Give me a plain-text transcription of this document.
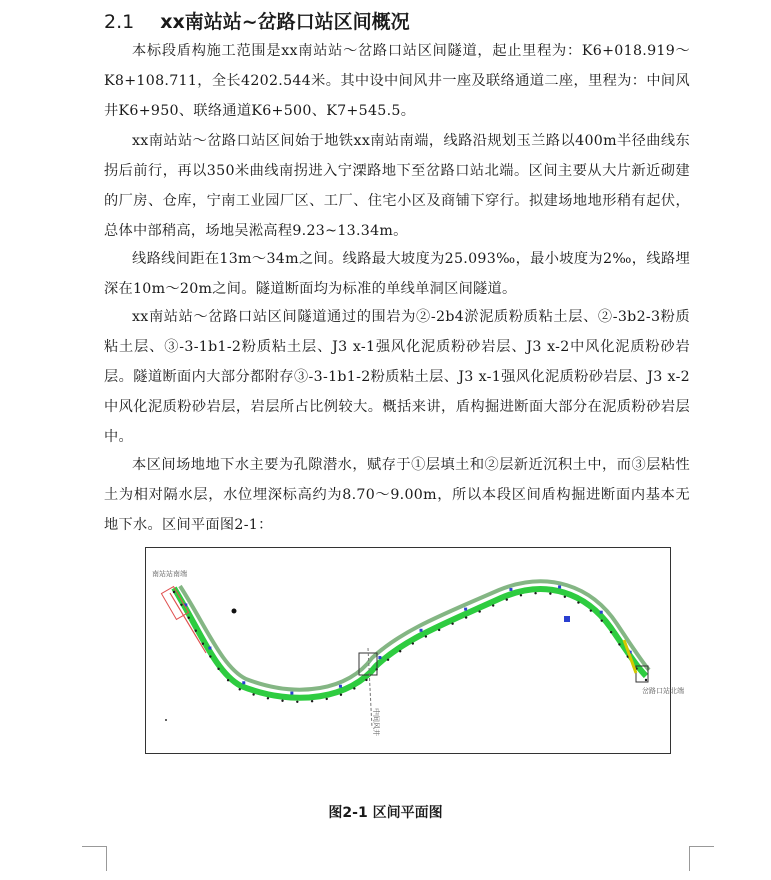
2.1 xx南站站~岔路口站区间概况

本标段盾构施工范围是xx南站站～岔路口站区间隧道，起止里程为：K6+018.919～K8+108.711，全长4202.544米。其中设中间风井一座及联络通道二座，里程为：中间风井K6+950、联络通道K6+500、K7+545.5。

xx南站站～岔路口站区间始于地铁xx南站南端，线路沿规划玉兰路以400m半径曲线东拐后前行，再以350米曲线南拐进入宁溧路地下至岔路口站北端。区间主要从大片新近砌建的厂房、仓库，宁南工业园厂区、工厂、住宅小区及商铺下穿行。拟建场地地形稍有起伏，总体中部稍高，场地吴淞高程9.23~13.34m。

线路线间距在13m～34m之间。线路最大坡度为25.093‰，最小坡度为2‰，线路埋深在10m～20m之间。隧道断面均为标准的单线单洞区间隧道。

xx南站站～岔路口站区间隧道通过的围岩为②-2b4淤泥质粉质粘土层、②-3b2-3粉质粘土层、③-3-1b1-2粉质粘土层、J3 x-1强风化泥质粉砂岩层、J3 x-2中风化泥质粉砂岩层。隧道断面内大部分都附存③-3-1b1-2粉质粘土层、J3 x-1强风化泥质粉砂岩层、J3 x-2中风化泥质粉砂岩层，岩层所占比例较大。概括来讲，盾构掘进断面大部分在泥质粉砂岩层中。

本区间场地地下水主要为孔隙潜水，赋存于①层填土和②层新近沉积土中，而③层粘性土为相对隔水层，水位埋深标高约为8.70～9.00m，所以本段区间盾构掘进断面内基本无地下水。区间平面图2-1：

南站站南端
岔路口站北端
中间风井
图2-1 区间平面图
